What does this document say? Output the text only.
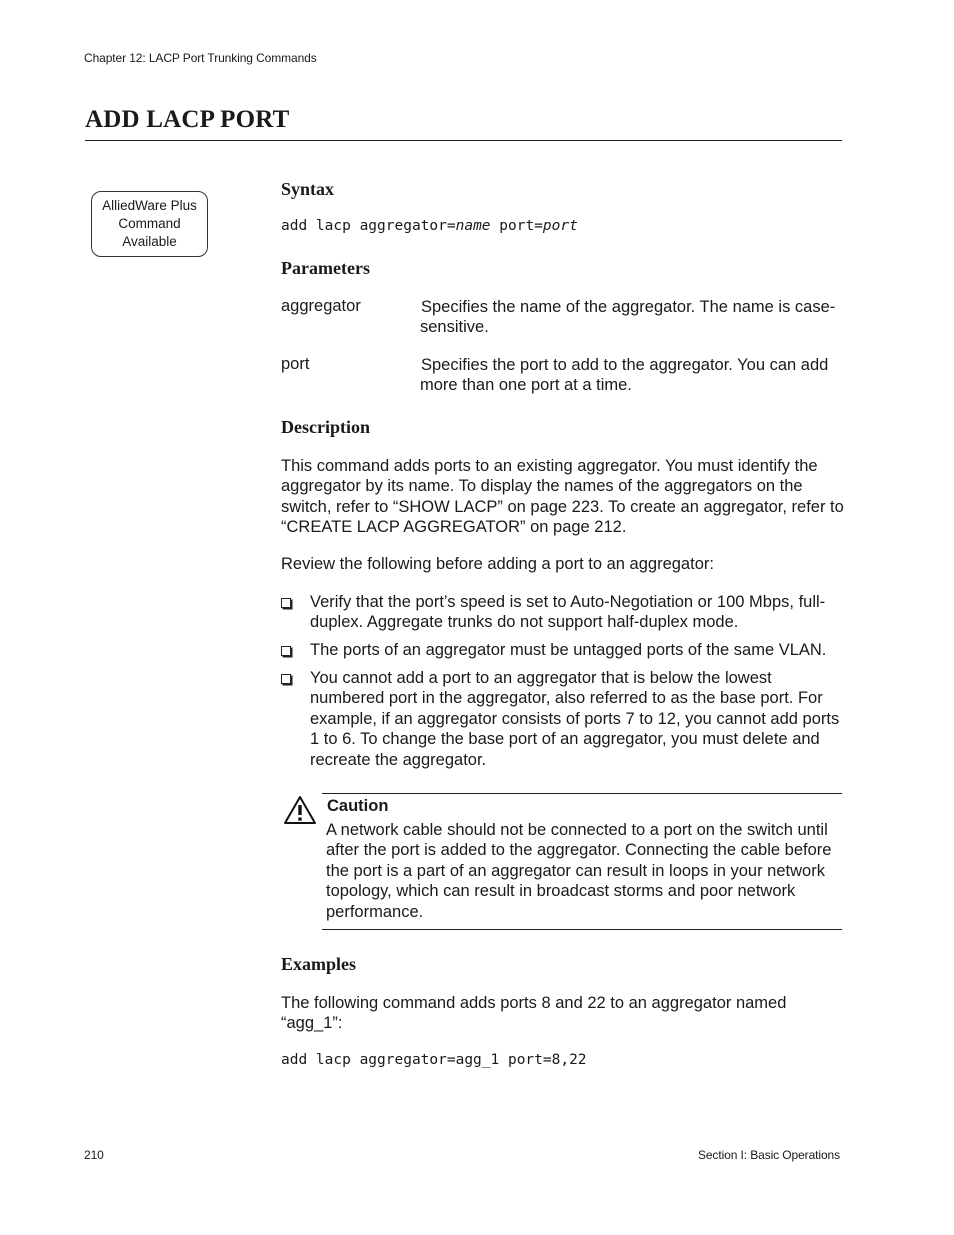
Chapter 12: LACP Port Trunking Commands
ADD LACP PORT
AlliedWare Plus
Command
Available
Syntax
add lacp aggregator=name port=port
Parameters
aggregator	Specifies the name of the aggregator. The name is case-sensitive.
port	Specifies the port to add to the aggregator. You can add more than one port at a time.
Description
This command adds ports to an existing aggregator. You must identify the aggregator by its name. To display the names of the aggregators on the switch, refer to “SHOW LACP” on page 223. To create an aggregator, refer to “CREATE LACP AGGREGATOR” on page 212.
Review the following before adding a port to an aggregator:
Verify that the port’s speed is set to Auto-Negotiation or 100 Mbps, full-duplex. Aggregate trunks do not support half-duplex mode.
The ports of an aggregator must be untagged ports of the same VLAN.
You cannot add a port to an aggregator that is below the lowest numbered port in the aggregator, also referred to as the base port. For example, if an aggregator consists of ports 7 to 12, you cannot add ports 1 to 6. To change the base port of an aggregator, you must delete and recreate the aggregator.
Caution
A network cable should not be connected to a port on the switch until after the port is added to the aggregator. Connecting the cable before the port is a part of an aggregator can result in loops in your network topology, which can result in broadcast storms and poor network performance.
Examples
The following command adds ports 8 and 22 to an aggregator named “agg_1”:
add lacp aggregator=agg_1 port=8,22
210	Section I: Basic Operations
